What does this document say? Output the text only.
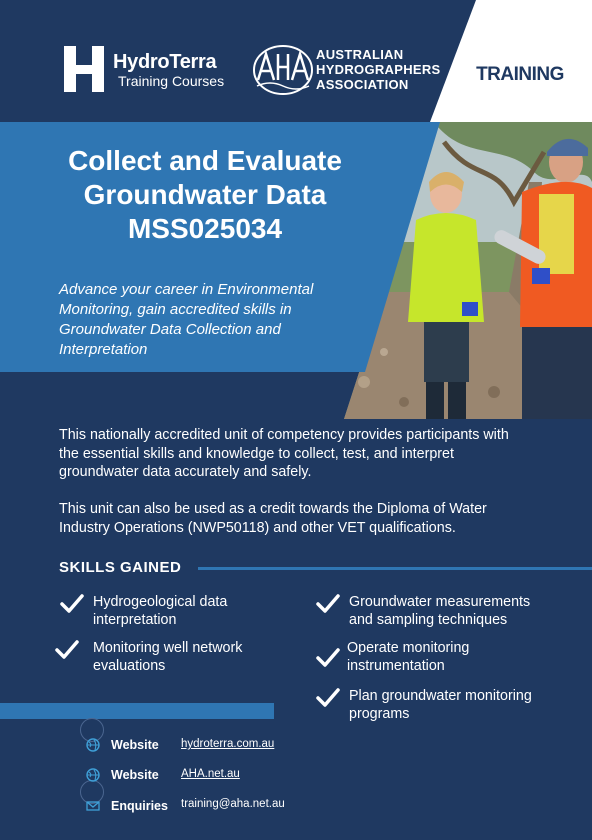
TRAINING
HydroTerra
Training Courses
AUSTRALIAN
HYDROGRAPHERS
ASSOCIATION
Collect and Evaluate
Groundwater Data
MSS025034
Advance your career in Environmental
Monitoring, gain accredited skills in
Groundwater Data Collection and
Interpretation
This nationally accredited unit of competency provides participants with
the essential skills and knowledge to collect, test, and interpret
groundwater data accurately and safely.
This unit can also be used as a credit towards the Diploma of Water
Industry Operations (NWP50118) and other VET qualifications.
SKILLS GAINED
Hydrogeological data
interpretation
Monitoring well network
evaluations
Groundwater measurements
and sampling techniques
Operate monitoring
instrumentation
Plan groundwater monitoring
programs
Website hydroterra.com.au
Website AHA.net.au
Enquiries training@aha.net.au
